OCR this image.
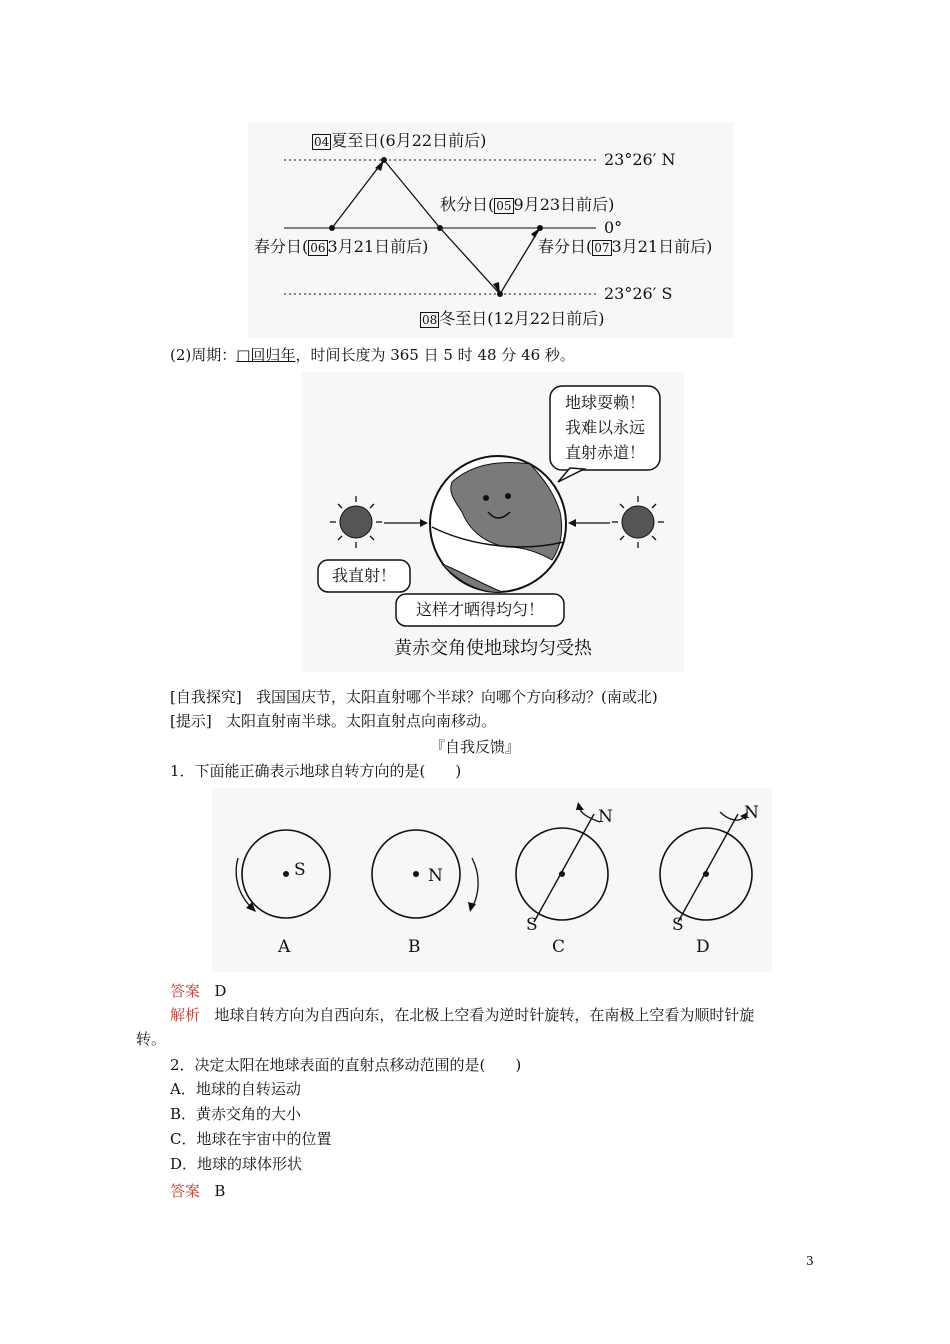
04 夏至日(6月22日前后)
23°26′ N
秋分日( 05 9月23日前后)
0°
春分日( 06 3月21日前后)	春分日( 07 3月21日前后)
23°26′ S
08 冬至日(12月22日前后)
(2)周期：□回归年，时间长度为 365 日 5 时 48 分 46 秒。
地球耍赖！
我难以永远
直射赤道！
我直射！
这样才晒得均匀！
黄赤交角使地球均匀受热
[自我探究] 我国国庆节，太阳直射哪个半球？向哪个方向移动？(南或北)
[提示] 太阳直射南半球。太阳直射点向南移动。
『自我反馈』
1．下面能正确表示地球自转方向的是(　　)
S	N
N
S
N
S
A	B	C	D
答案 D
解析 地球自转方向为自西向东，在北极上空看为逆时针旋转，在南极上空看为顺时针旋
转。
2．决定太阳在地球表面的直射点移动范围的是(　　)
A．地球的自转运动
B．黄赤交角的大小
C．地球在宇宙中的位置
D．地球的球体形状
答案 B
3
